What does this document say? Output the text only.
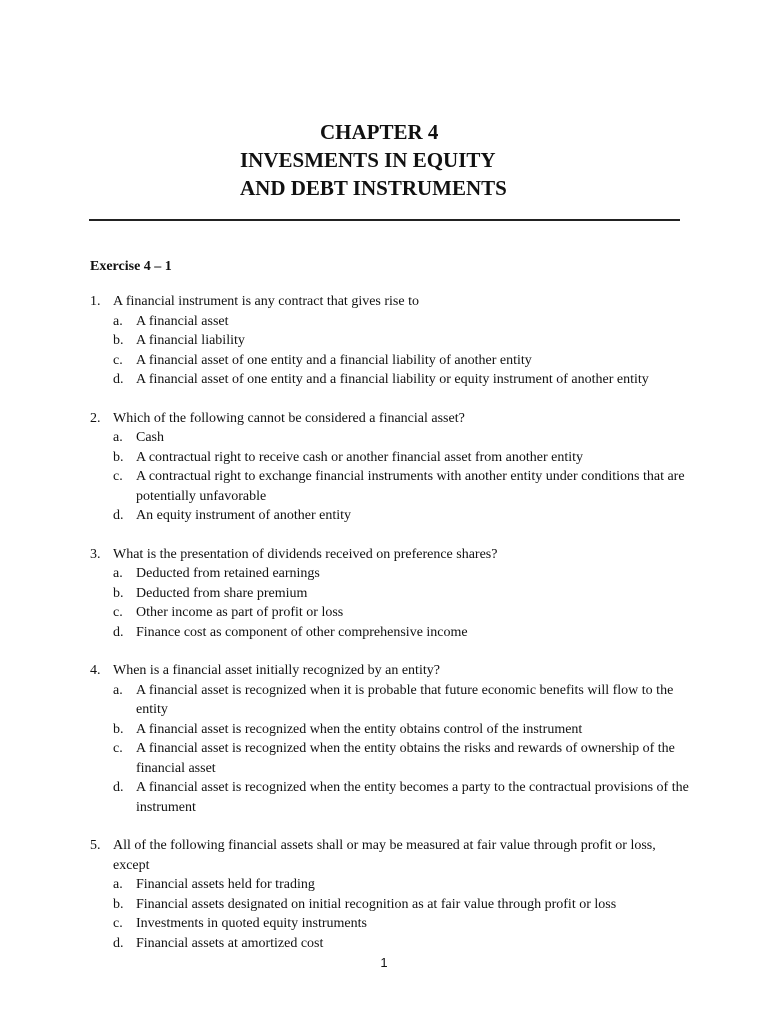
CHAPTER 4
INVESMENTS IN EQUITY
AND DEBT INSTRUMENTS
Exercise 4 – 1
1. A financial instrument is any contract that gives rise to
a. A financial asset
b. A financial liability
c. A financial asset of one entity and a financial liability of another entity
d. A financial asset of one entity and a financial liability or equity instrument of another entity
2. Which of the following cannot be considered a financial asset?
a. Cash
b. A contractual right to receive cash or another financial asset from another entity
c. A contractual right to exchange financial instruments with another entity under conditions that are potentially unfavorable
d. An equity instrument of another entity
3. What is the presentation of dividends received on preference shares?
a. Deducted from retained earnings
b. Deducted from share premium
c. Other income as part of profit or loss
d. Finance cost as component of other comprehensive income
4. When is a financial asset initially recognized by an entity?
a. A financial asset is recognized when it is probable that future economic benefits will flow to the entity
b. A financial asset is recognized when the entity obtains control of the instrument
c. A financial asset is recognized when the entity obtains the risks and rewards of ownership of the financial asset
d. A financial asset is recognized when the entity becomes a party to the contractual provisions of the instrument
5. All of the following financial assets shall or may be measured at fair value through profit or loss, except
a. Financial assets held for trading
b. Financial assets designated on initial recognition as at fair value through profit or loss
c. Investments in quoted equity instruments
d. Financial assets at amortized cost
1
